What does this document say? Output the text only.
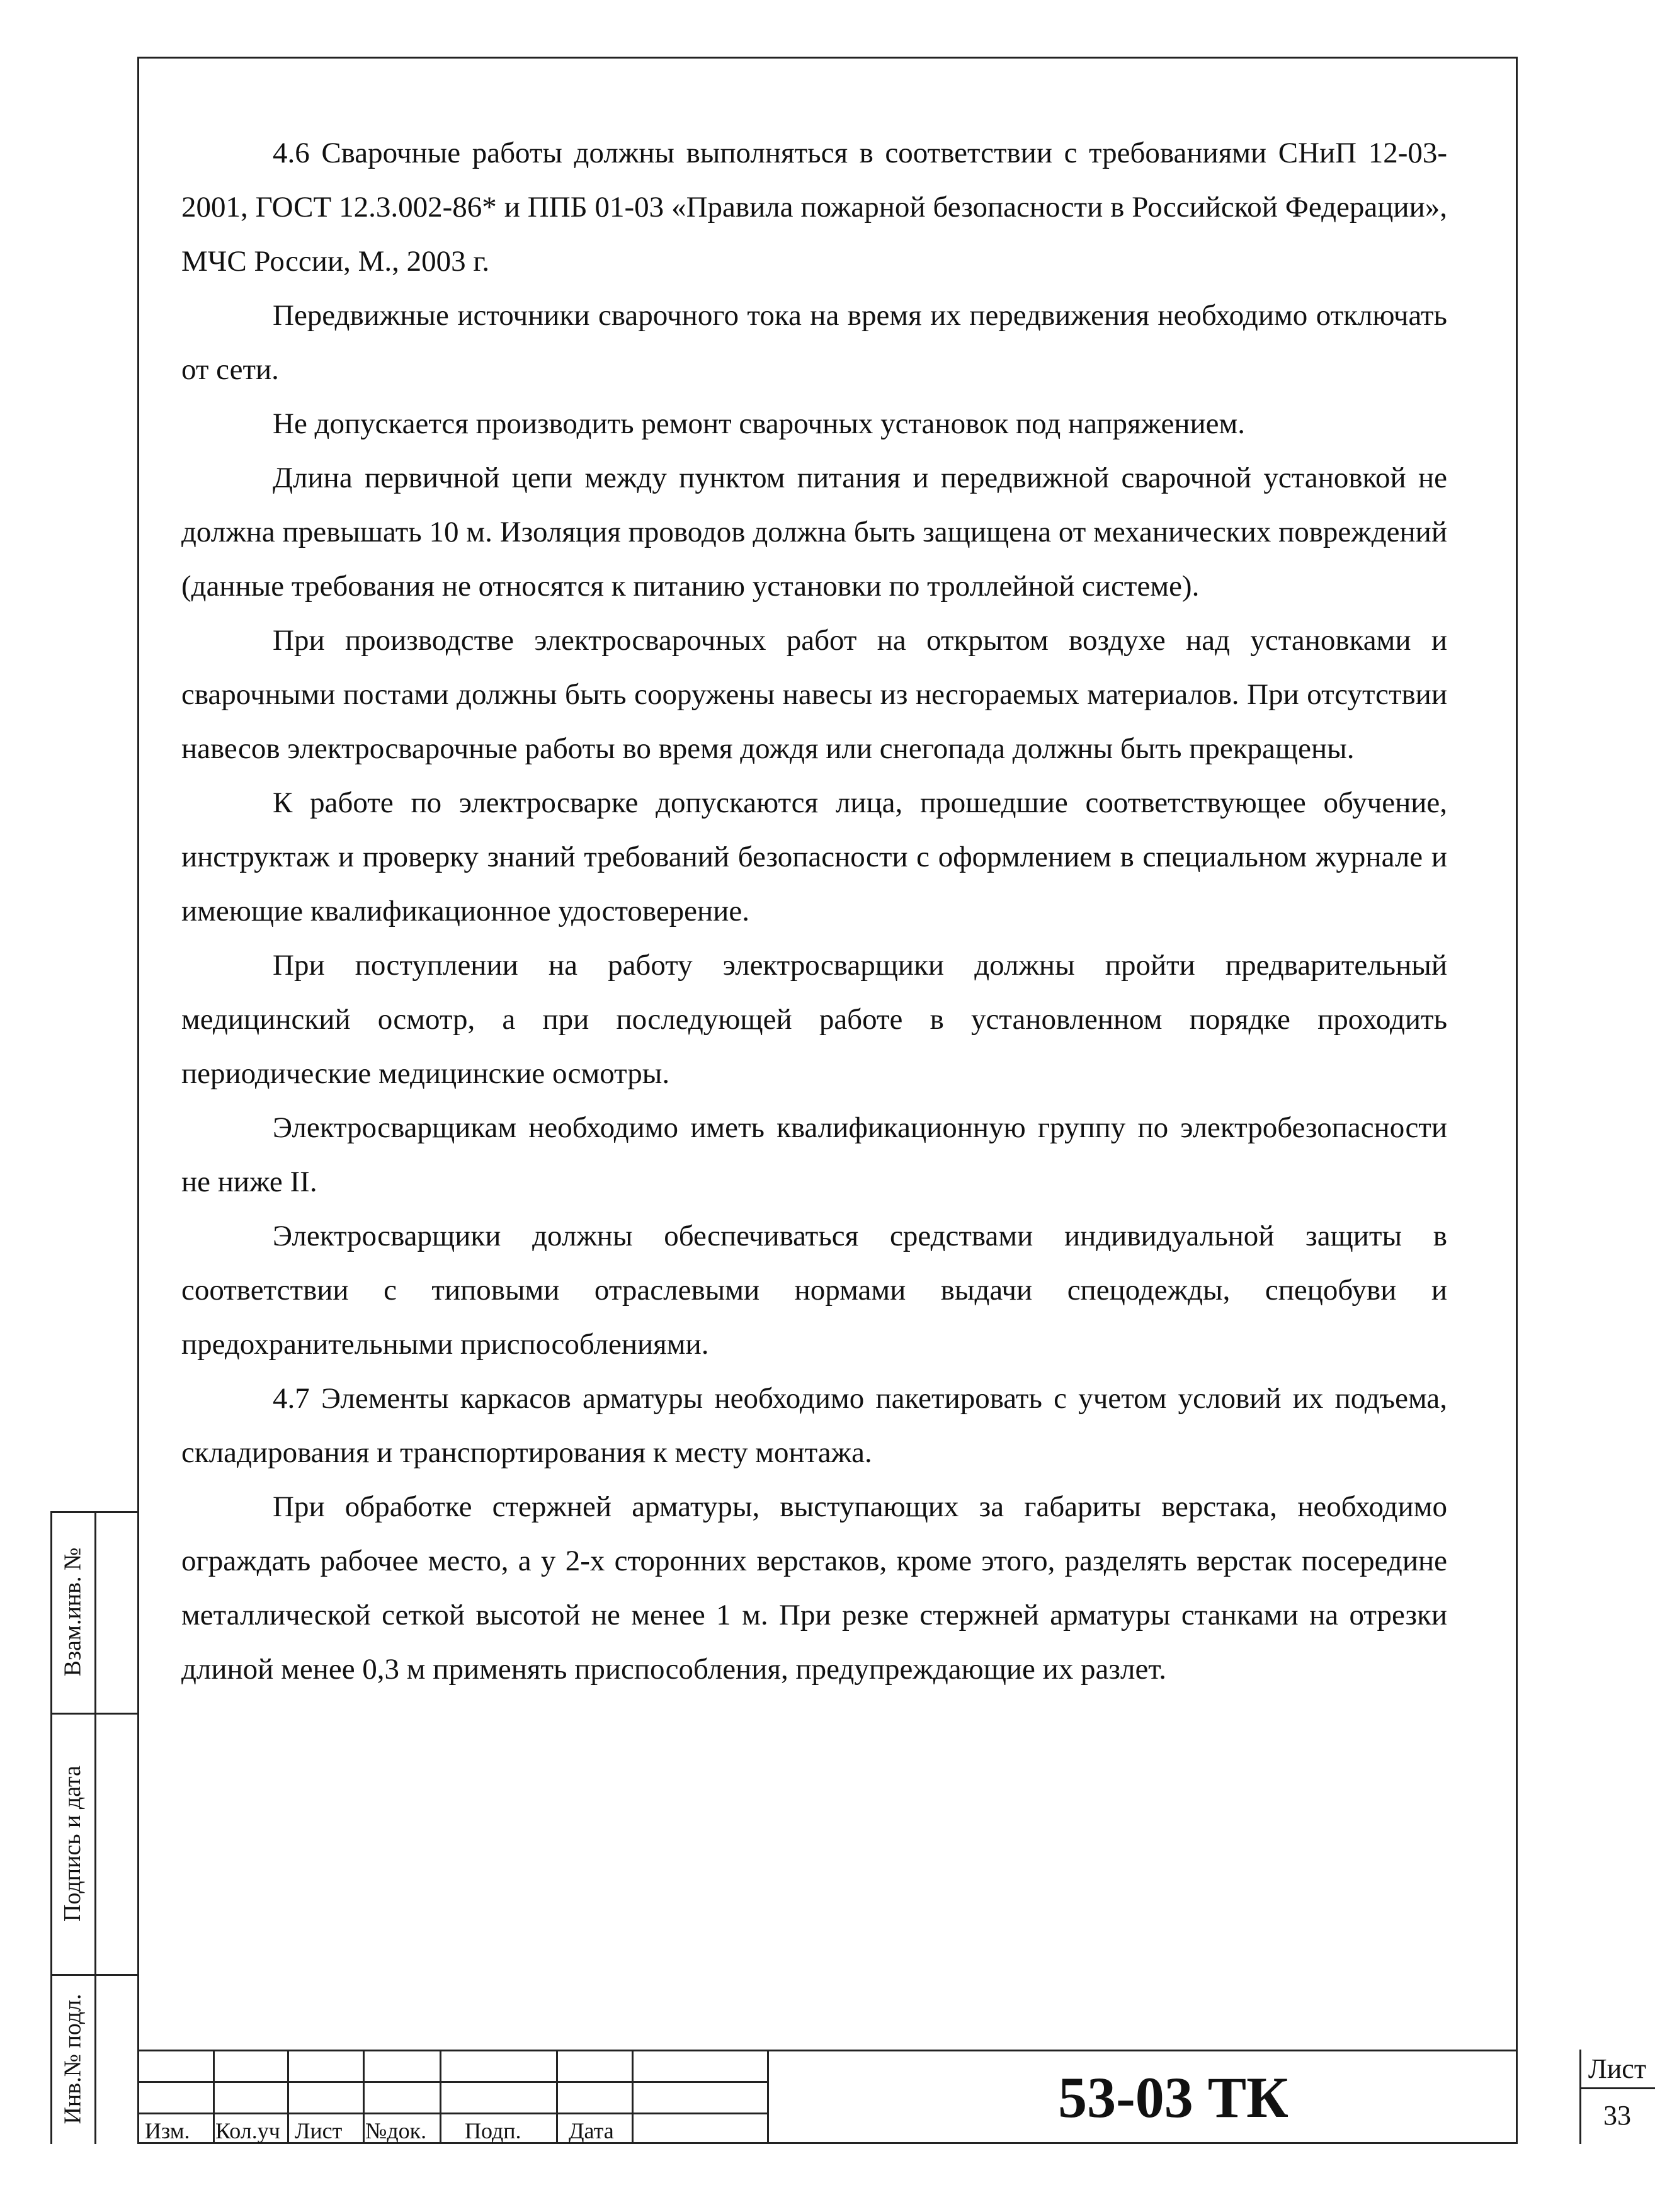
4.6 Сварочные работы должны выполняться в соответствии с требованиями СНиП 12-03-2001, ГОСТ 12.3.002-86* и ППБ 01-03 «Правила пожарной безопасности в Российской Федерации», МЧС России, М., 2003 г.

Передвижные источники сварочного тока на время их передвижения необходимо отключать от сети.

Не допускается производить ремонт сварочных установок под напряжением.

Длина первичной цепи между пунктом питания и передвижной сварочной установкой не должна превышать 10 м. Изоляция проводов должна быть защищена от механических повреждений (данные требования не относятся к питанию установки по троллейной системе).

При производстве электросварочных работ на открытом воздухе над установками и сварочными постами должны быть сооружены навесы из несгораемых материалов. При отсутствии навесов электросварочные работы во время дождя или снегопада должны быть прекращены.

К работе по электросварке допускаются лица, прошедшие соответствующее обучение, инструктаж и проверку знаний требований безопасности с оформлением в специальном журнале и имеющие квалификационное удостоверение.

При поступлении на работу электросварщики должны пройти предварительный медицинский осмотр, а при последующей работе в установленном порядке проходить периодические медицинские осмотры.

Электросварщикам необходимо иметь квалификационную группу по электробезопасности не ниже II.

Электросварщики должны обеспечиваться средствами индивидуальной защиты в соответствии с типовыми отраслевыми нормами выдачи спецодежды, спецобуви и предохранительными приспособлениями.

4.7 Элементы каркасов арматуры необходимо пакетировать с учетом условий их подъема, складирования и транспортирования к месту монтажа.

При обработке стержней арматуры, выступающих за габариты верстака, необходимо ограждать рабочее место, а у 2-х сторонних верстаков, кроме этого, разделять верстак посередине металлической сеткой высотой не менее 1 м. При резке стержней арматуры станками на отрезки длиной менее 0,3 м применять приспособления, предупреждающие их разлет.

Взам.инв. №
Подпись и дата
Инв.№ подл.
Изм. Кол.уч Лист №док. Подп. Дата
53-03 ТК	Лист
33
